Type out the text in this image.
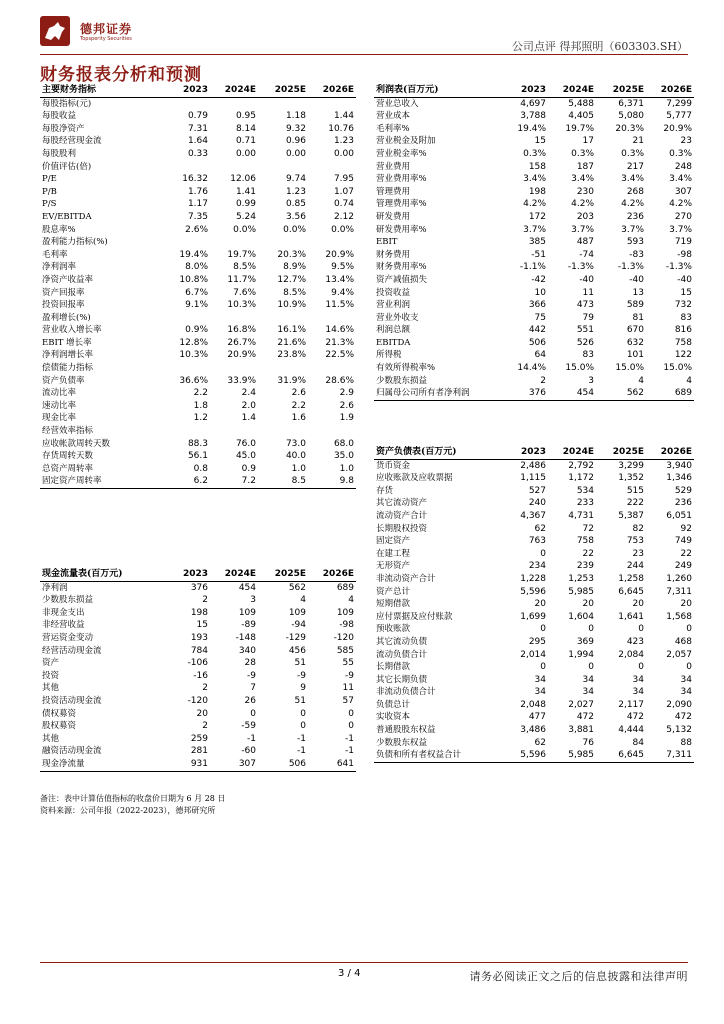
德邦证券
Topsperity Securities
公司点评 得邦照明（603303.SH）
财务报表分析和预测
主要财务指标	2023	2024E	2025E	2026E
每股指标(元)				
每股收益	0.79	0.95	1.18	1.44
每股净资产	7.31	8.14	9.32	10.76
每股经营现金流	1.64	0.71	0.96	1.23
每股股利	0.33	0.00	0.00	0.00
价值评估(倍)				
P/E	16.32	12.06	9.74	7.95
P/B	1.76	1.41	1.23	1.07
P/S	1.17	0.99	0.85	0.74
EV/EBITDA	7.35	5.24	3.56	2.12
股息率%	2.6%	0.0%	0.0%	0.0%
盈利能力指标(%)				
毛利率	19.4%	19.7%	20.3%	20.9%
净利润率	8.0%	8.5%	8.9%	9.5%
净资产收益率	10.8%	11.7%	12.7%	13.4%
资产回报率	6.7%	7.6%	8.5%	9.4%
投资回报率	9.1%	10.3%	10.9%	11.5%
盈利增长(%)				
营业收入增长率	0.9%	16.8%	16.1%	14.6%
EBIT 增长率	12.8%	26.7%	21.6%	21.3%
净利润增长率	10.3%	20.9%	23.8%	22.5%
偿债能力指标				
资产负债率	36.6%	33.9%	31.9%	28.6%
流动比率	2.2	2.4	2.6	2.9
速动比率	1.8	2.0	2.2	2.6
现金比率	1.2	1.4	1.6	1.9
经营效率指标				
应收帐款周转天数	88.3	76.0	73.0	68.0
存货周转天数	56.1	45.0	40.0	35.0
总资产周转率	0.8	0.9	1.0	1.0
固定资产周转率	6.2	7.2	8.5	9.8
现金流量表(百万元)	2023	2024E	2025E	2026E
净利润	376	454	562	689
少数股东损益	2	3	4	4
非现金支出	198	109	109	109
非经营收益	15	-89	-94	-98
营运资金变动	193	-148	-129	-120
经营活动现金流	784	340	456	585
资产	-106	28	51	55
投资	-16	-9	-9	-9
其他	2	7	9	11
投资活动现金流	-120	26	51	57
债权募资	20	0	0	0
股权募资	2	-59	0	0
其他	259	-1	-1	-1
融资活动现金流	281	-60	-1	-1
现金净流量	931	307	506	641
利润表(百万元)	2023	2024E	2025E	2026E
营业总收入	4,697	5,488	6,371	7,299
营业成本	3,788	4,405	5,080	5,777
毛利率%	19.4%	19.7%	20.3%	20.9%
营业税金及附加	15	17	21	23
营业税金率%	0.3%	0.3%	0.3%	0.3%
营业费用	158	187	217	248
营业费用率%	3.4%	3.4%	3.4%	3.4%
管理费用	198	230	268	307
管理费用率%	4.2%	4.2%	4.2%	4.2%
研发费用	172	203	236	270
研发费用率%	3.7%	3.7%	3.7%	3.7%
EBIT	385	487	593	719
财务费用	-51	-74	-83	-98
财务费用率%	-1.1%	-1.3%	-1.3%	-1.3%
资产减值损失	-42	-40	-40	-40
投资收益	10	11	13	15
营业利润	366	473	589	732
营业外收支	75	79	81	83
利润总额	442	551	670	816
EBITDA	506	526	632	758
所得税	64	83	101	122
有效所得税率%	14.4%	15.0%	15.0%	15.0%
少数股东损益	2	3	4	4
归属母公司所有者净利润	376	454	562	689
资产负债表(百万元)	2023	2024E	2025E	2026E
货币资金	2,486	2,792	3,299	3,940
应收账款及应收票据	1,115	1,172	1,352	1,346
存货	527	534	515	529
其它流动资产	240	233	222	236
流动资产合计	4,367	4,731	5,387	6,051
长期股权投资	62	72	82	92
固定资产	763	758	753	749
在建工程	0	22	23	22
无形资产	234	239	244	249
非流动资产合计	1,228	1,253	1,258	1,260
资产总计	5,596	5,985	6,645	7,311
短期借款	20	20	20	20
应付票据及应付账款	1,699	1,604	1,641	1,568
预收账款	0	0	0	0
其它流动负债	295	369	423	468
流动负债合计	2,014	1,994	2,084	2,057
长期借款	0	0	0	0
其它长期负债	34	34	34	34
非流动负债合计	34	34	34	34
负债总计	2,048	2,027	2,117	2,090
实收资本	477	472	472	472
普通股股东权益	3,486	3,881	4,444	5,132
少数股东权益	62	76	84	88
负债和所有者权益合计	5,596	5,985	6,645	7,311
备注：表中计算估值指标的收盘价日期为 6 月 28 日
资料来源：公司年报（2022-2023），德邦研究所
3 / 4	请务必阅读正文之后的信息披露和法律声明
